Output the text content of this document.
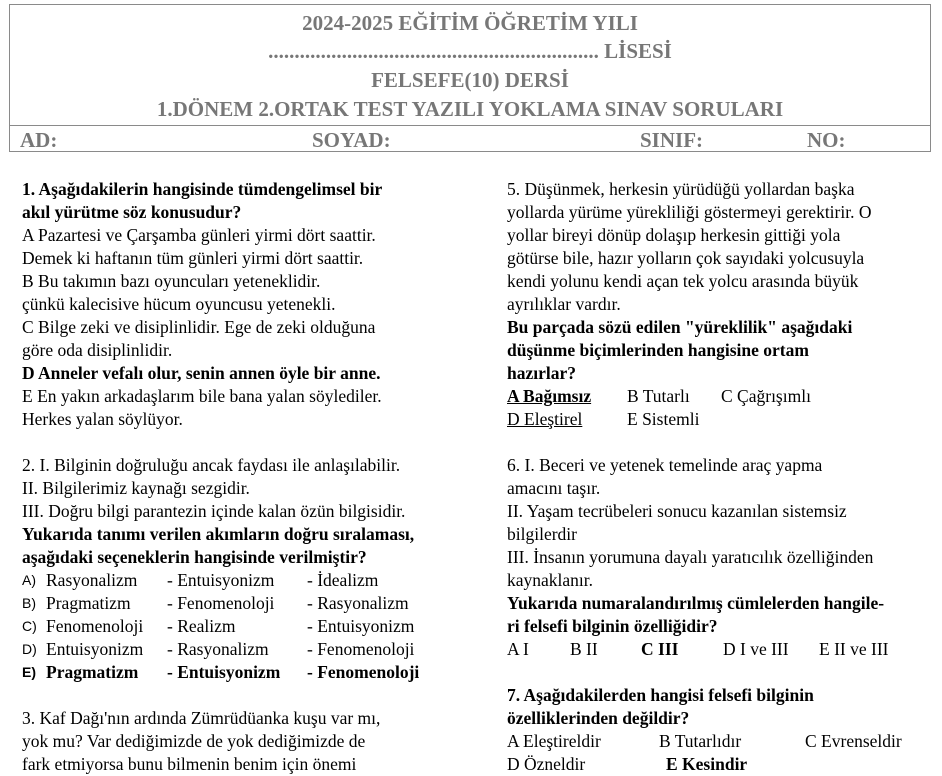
2024-2025 EĞİTİM ÖĞRETİM YILI
............................................................... LİSESİ
FELSEFE(10) DERSİ
1.DÖNEM 2.ORTAK TEST YAZILI YOKLAMA SINAV SORULARI
AD:	SOYAD:	SINIF:	NO:
1. Aşağıdakilerin hangisinde tümdengelimsel bir
akıl yürütme söz konusudur?
A Pazartesi ve Çarşamba günleri yirmi dört saattir.
Demek ki haftanın tüm günleri yirmi dört saattir.
B Bu takımın bazı oyuncuları yeteneklidir.
çünkü kalecisive hücum oyuncusu yetenekli.
C Bilge zeki ve disiplinlidir. Ege de zeki olduğuna
göre oda disiplinlidir.
D Anneler vefalı olur, senin annen öyle bir anne.
E En yakın arkadaşlarım bile bana yalan söylediler.
Herkes yalan söylüyor.
2. I. Bilginin doğruluğu ancak faydası ile anlaşılabilir.
II. Bilgilerimiz kaynağı sezgidir.
III. Doğru bilgi parantezin içinde kalan özün bilgisidir.
Yukarıda tanımı verilen akımların doğru sıralaması,
aşağıdaki seçeneklerin hangisinde verilmiştir?
A) Rasyonalizm	- Entuisyonizm	- İdealizm
B) Pragmatizm	- Fenomenoloji	- Rasyonalizm
C) Fenomenoloji	- Realizm	- Entuisyonizm
D) Entuisyonizm	- Rasyonalizm	- Fenomenoloji
E) Pragmatizm	- Entuisyonizm	- Fenomenoloji
3. Kaf Dağı'nın ardında Zümrüdüanka kuşu var mı,
yok mu? Var dediğimizde de yok dediğimizde de
fark etmiyorsa bunu bilmenin benim için önemi
5. Düşünmek, herkesin yürüdüğü yollardan başka
yollarda yürüme yürekliliği göstermeyi gerektirir. O
yollar bireyi dönüp dolaşıp herkesin gittiği yola
götürse bile, hazır yolların çok sayıdaki yolcusuyla
kendi yolunu kendi açan tek yolcu arasında büyük
ayrılıklar vardır.
Bu parçada sözü edilen "yüreklilik" aşağıdaki
düşünme biçimlerinden hangisine ortam
hazırlar?
A Bağımsız	B Tutarlı	C Çağrışımlı
D Eleştirel	E Sistemli
6. I. Beceri ve yetenek temelinde araç yapma
amacını taşır.
II. Yaşam tecrübeleri sonucu kazanılan sistemsiz
bilgilerdir
III. İnsanın yorumuna dayalı yaratıcılık özelliğinden
kaynaklanır.
Yukarıda numaralandırılmış cümlelerden hangile-
ri felsefi bilginin özelliğidir?
A I	B II	C III	D I ve III	E II ve III
7. Aşağıdakilerden hangisi felsefi bilginin
özelliklerinden değildir?
A Eleştireldir	B Tutarlıdır	C Evrenseldir
D Özneldir	E Kesindir
